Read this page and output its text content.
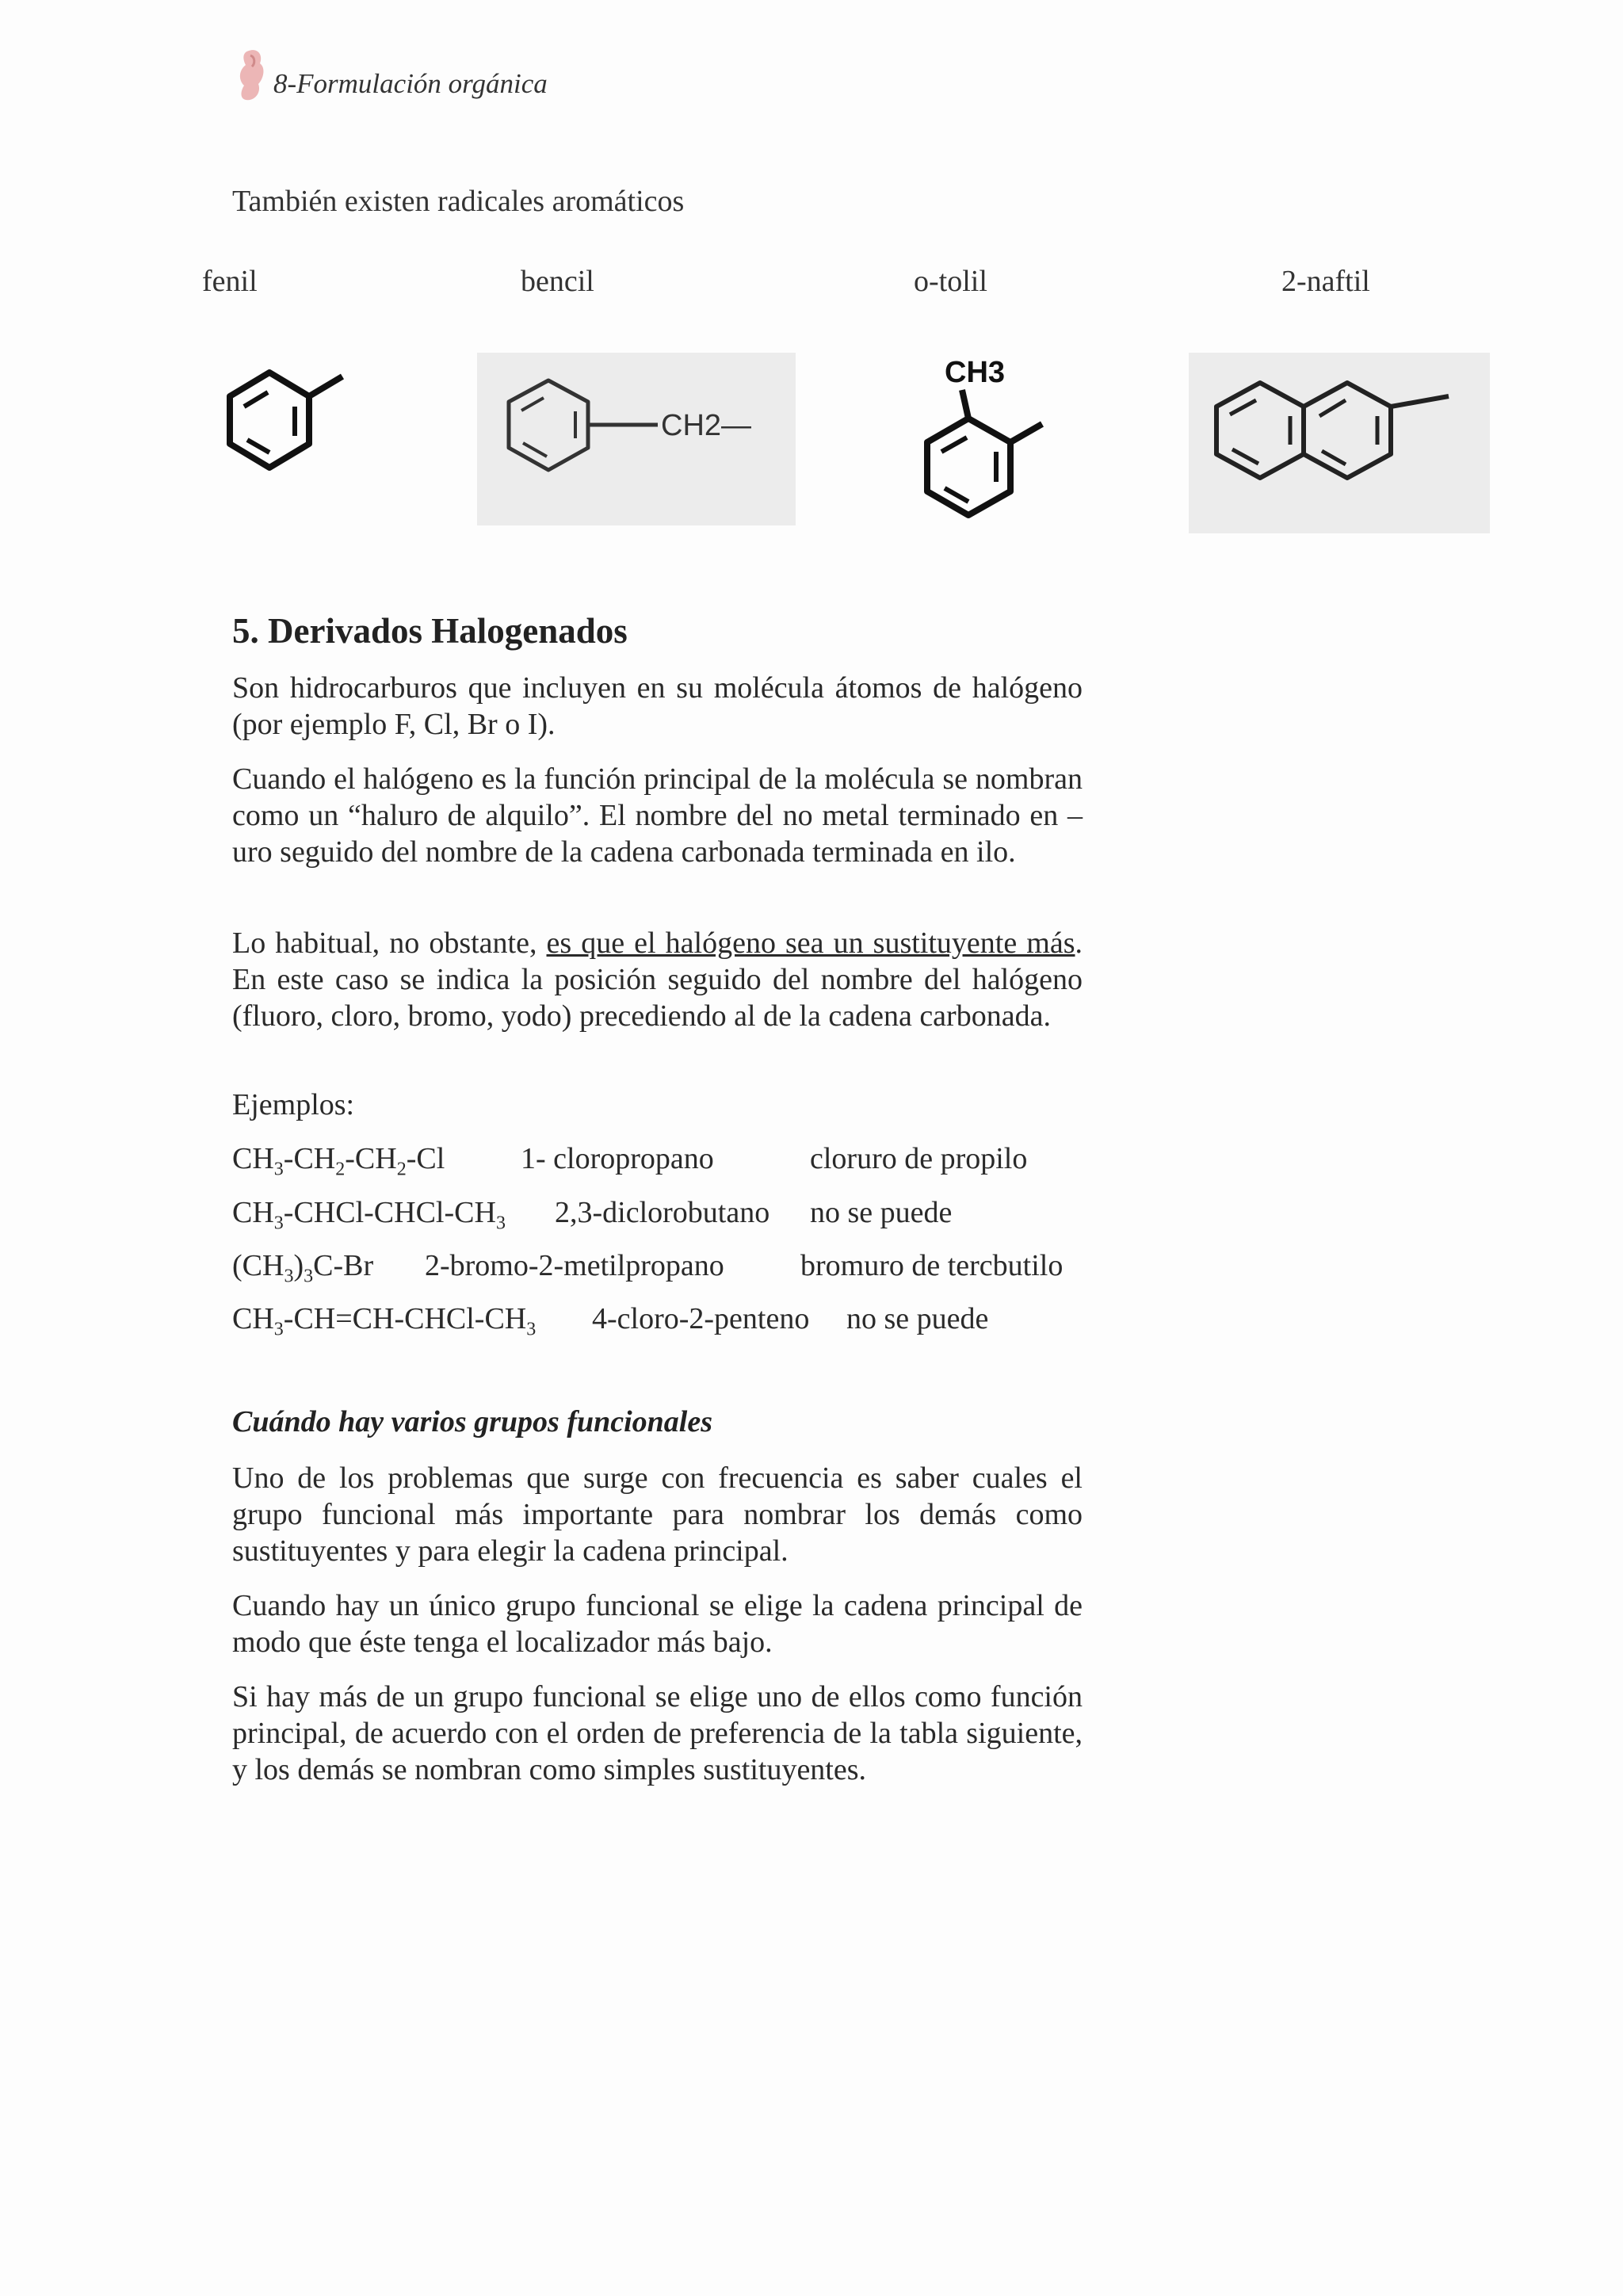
8-Formulación orgánica
También existen radicales aromáticos
fenil	bencil	o-tolil	2-naftil
CH2—
CH3
5. Derivados Halogenados
Son hidrocarburos que incluyen en su molécula átomos de halógeno (por ejemplo F, Cl, Br o I).
Cuando el halógeno es la función principal de la molécula se nombran como un “haluro de alquilo”. El nombre del no metal terminado en –uro seguido del nombre de la cadena carbonada terminada en ilo.
Lo habitual, no obstante, es que el halógeno sea un sustituyente más. En este caso se indica la posición seguido del nombre del halógeno (fluoro, cloro, bromo, yodo) precediendo al de la cadena carbonada.
Ejemplos:
$CH_3-CH_2-CH_2-Cl$	1- cloropropano	cloruro de propilo
$CH_3-CHCl-CHCl-CH_3$ 2,3-diclorobutano no se puede
$(CH_3)_3C-Br$ 2-bromo-2-metilpropano	bromuro de tercbutilo
$CH_3-CH=CH-CHCl-CH_3$ 4-cloro-2-penteno no se puede
Cuándo hay varios grupos funcionales
Uno de los problemas que surge con frecuencia es saber cuales el grupo funcional más importante para nombrar los demás como sustituyentes y para elegir la cadena principal.
Cuando hay un único grupo funcional se elige la cadena principal de modo que éste tenga el localizador más bajo.
Si hay más de un grupo funcional se elige uno de ellos como función principal, de acuerdo con el orden de preferencia de la tabla siguiente, y los demás se nombran como simples sustituyentes.
